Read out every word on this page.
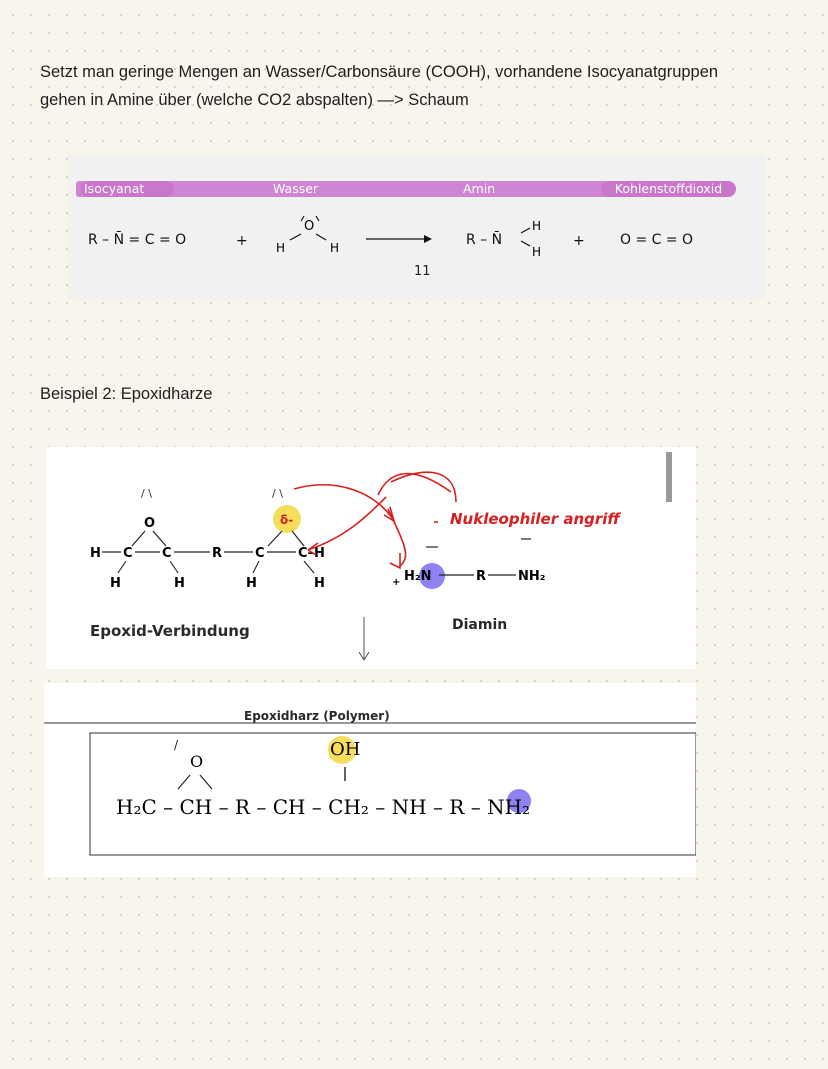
Setzt man geringe Mengen an Wasser/Carbonsäure (COOH), vorhandene Isocyanatgruppen

gehen in Amine über (welche CO2 abspalten) —> Schaum

Isocyanat	Wasser	Amin	Kohlenstoffdioxid
R – N̄ = C = O	+
O
H	H	R – N̄
H
H
+	O = C = O
11
Beispiel 2: Epoxidharze
/ \
O
H C C	R	C	C–H
H	H	H	H
/ \
δ-
+ H₂N	R NH₂
Nukleophiler angriff
Epoxid-Verbindung	Diamin
Epoxidharz (Polymer)
/
O
OH
H₂C – CH – R – CH – CH₂ – NH – R – NH₂
